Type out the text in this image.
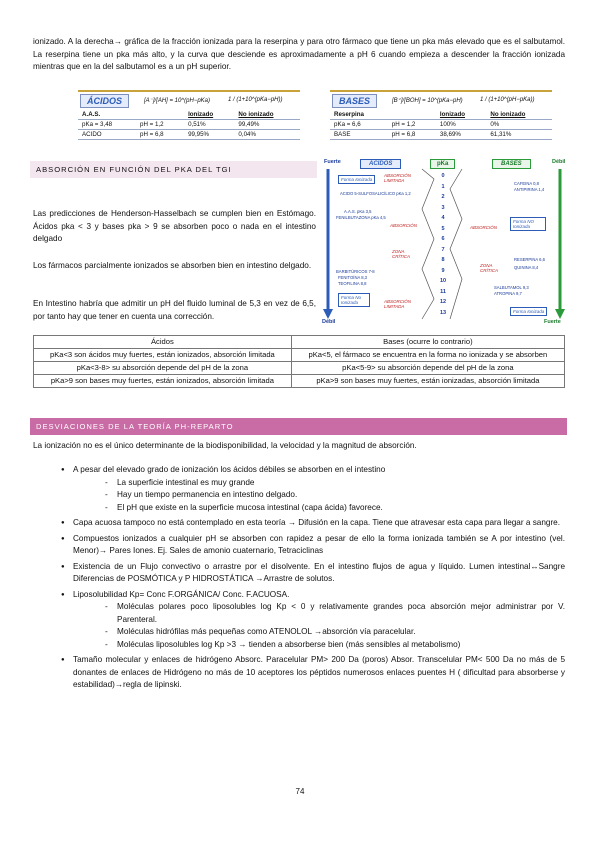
ionizado. A la derecha→ gráfica de la fracción ionizada para la reserpina y para otro fármaco que tiene un pka más elevado que es el salbutamol. La reserpina tiene un pka más alto, y la curva que desciende es aproximadamente a pH 6 cuando empieza a descender la fracción ionizada mientras que en la del salbutamol es a un pH superior.
ÁCIDOS	[A⁻]/[AH] = 10^(pH−pKa)	1 / (1+10^(pKa−pH))
A.A.S.		Ionizado	No ionizado
pKa = 3,48	pH = 1,2	0,51%	99,49%
ACIDO	pH = 6,8	99,95%	0,04%
BASES	[B⁺]/[BOH] = 10^(pKa−pH)	1 / (1+10^(pH−pKa))
Reserpina		Ionizado	No ionizado
pKa = 6,6	pH = 1,2	100%	0%
BASE	pH = 6,8	38,69%	61,31%
ABSORCIÓN EN FUNCIÓN DEL PKA DEL TGI
Las predicciones de Henderson-Hasselbach se cumplen bien en Estómago. Ácidos pka < 3 y bases pka > 9 se absorben poco o nada en el intestino delgado
Los fármacos parcialmente ionizados se absorben bien en intestino delgado.
En Intestino habría que admitir un pH del fluido luminal de 5,3 en vez de 6,5, por tanto hay que tener en cuenta una corrección.
Fuerte
Débil
Débil
Fuerte
ACIDOS	pKa	BASES
0
1
2
3
4
5
6
7
8
9
10
11
12
13
Forma Ionizada
ABSORCIÓN LIMITADA
ACIDO 5-SULFOSALICÍLICO pKa 1,2
A.A.S. pKa 3,5
FENILBUTAZONA pKa 4,5
ABSORCIÓN
ZONA CRÍTICA
BARBITÚRICOS 7-8
FENITOÍNA 8,3
TEOFILINA 8,8
Forma No Ionizada	ABSORCIÓN LIMITADA
CAFEINA 0,8
ANTIPIRINA 1,4
ABSORCIÓN
Forma NO Ionizada
RESERPINA 6,6
ZONA CRÍTICA
QUININA 8,4
SALBUTAMOL 9,3
ATROPINA 9,7
Forma Ionizada
Ácidos	Bases (ocurre lo contrario)
pKa<3 son ácidos muy fuertes, están ionizados, absorción limitada	pKa<5, el fármaco se encuentra en la forma no ionizada y se absorben
pKa<3-8> su absorción depende del pH de la zona	pKa<5-9> su absorción depende del pH de la zona
pKa>9 son bases muy fuertes, están ionizados, absorción limitada	pKa>9 son bases muy fuertes, están ionizadas, absorción limitada
DESVIACIONES DE LA TEORÍA PH-REPARTO
La ionización no es el único determinante de la biodisponibilidad, la velocidad y la magnitud de absorción.
● A pesar del elevado grado de ionización los ácidos débiles se absorben en el intestino
- La superficie intestinal es muy grande
- Hay un tiempo permanencia en intestino delgado.
- El pH que existe en la superficie mucosa intestinal (capa ácida) favorece.
● Capa acuosa tampoco no está contemplado en esta teoría → Difusión en la capa. Tiene que atravesar esta capa para llegar a sangre.
● Compuestos ionizados a cualquier pH se absorben con rapidez a pesar de ello la forma ionizada también se A por intestino (vel. Menor)→ Pares Iones. Ej. Sales de amonio cuaternario, Tetraciclinas
● Existencia de un Flujo convectivo o arrastre por el disolvente. En el intestino flujos de agua y líquido. Lumen intestinal↔Sangre Diferencias de POSMÓTICA y P HIDROSTÁTICA →Arrastre de solutos.
● Liposolubilidad Kp= Conc F.ORGÁNICA/ Conc. F.ACUOSA.
- Moléculas polares poco liposolubles log Kp < 0 y relativamente grandes poca absorción mejor administrar por V. Parenteral.
- Moléculas hidrófilas más pequeñas como ATENOLOL →absorción vía paracelular.
- Moléculas liposolubles log Kp >3 → tienden a absorberse bien (más sensibles al metabolismo)
● Tamaño molecular y enlaces de hidrógeno Absorc. Paracelular PM> 200 Da (poros) Absor. Transcelular PM< 500 Da no más de 5 donantes de enlaces de Hidrógeno no más de 10 aceptores los péptidos numerosos enlaces puentes H ( dificultad para absorberse y estabilidad)→regla de lipinski.
74
